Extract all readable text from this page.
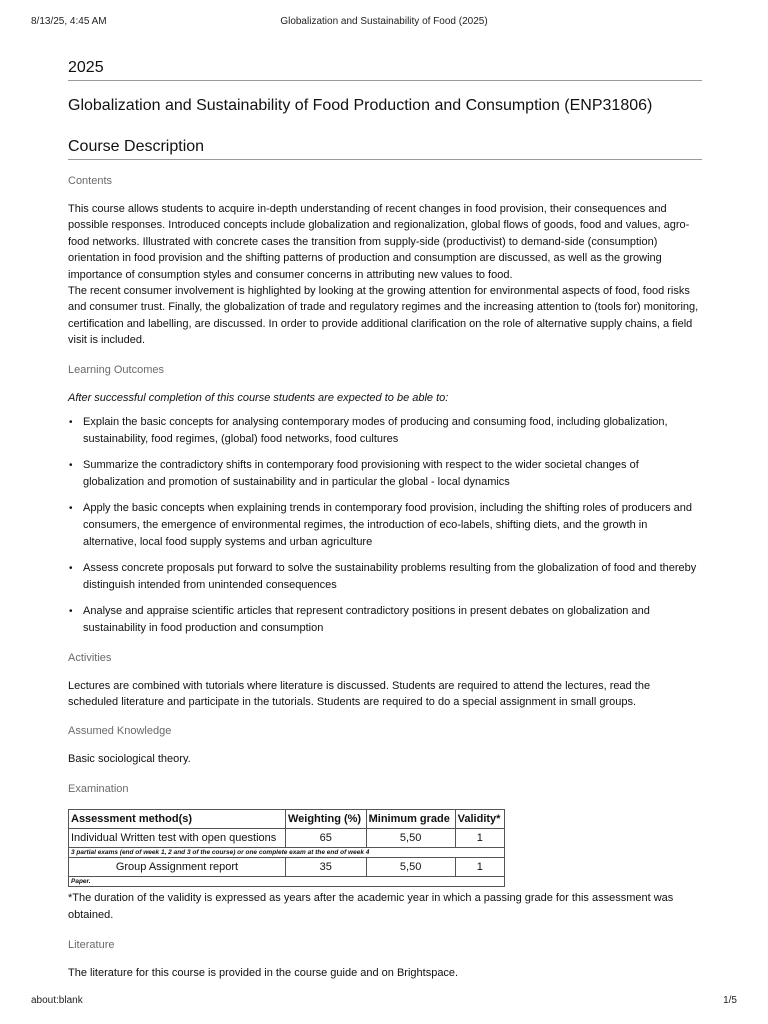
8/13/25, 4:45 AM	Globalization and Sustainability of Food (2025)
2025
Globalization and Sustainability of Food Production and Consumption (ENP31806)
Course Description
Contents

This course allows students to acquire in-depth understanding of recent changes in food provision, their consequences and possible responses. Introduced concepts include globalization and regionalization, global flows of goods, food and values, agro-food networks. Illustrated with concrete cases the transition from supply-side (productivist) to demand-side (consumption) orientation in food provision and the shifting patterns of production and consumption are discussed, as well as the growing importance of consumption styles and consumer concerns in attributing new values to food.

The recent consumer involvement is highlighted by looking at the growing attention for environmental aspects of food, food risks and consumer trust. Finally, the globalization of trade and regulatory regimes and the increasing attention to (tools for) monitoring, certification and labelling, are discussed. In order to provide additional clarification on the role of alternative supply chains, a field visit is included.

Learning Outcomes
After successful completion of this course students are expected to be able to:
• Explain the basic concepts for analysing contemporary modes of producing and consuming food, including globalization, sustainability, food regimes, (global) food networks, food cultures
• Summarize the contradictory shifts in contemporary food provisioning with respect to the wider societal changes of globalization and promotion of sustainability and in particular the global - local dynamics
• Apply the basic concepts when explaining trends in contemporary food provision, including the shifting roles of producers and consumers, the emergence of environmental regimes, the introduction of eco-labels, shifting diets, and the growth in alternative, local food supply systems and urban agriculture
• Assess concrete proposals put forward to solve the sustainability problems resulting from the globalization of food and thereby distinguish intended from unintended consequences
• Analyse and appraise scientific articles that represent contradictory positions in present debates on globalization and sustainability in food production and consumption
Activities
Lectures are combined with tutorials where literature is discussed. Students are required to attend the lectures, read the scheduled literature and participate in the tutorials. Students are required to do a special assignment in small groups.
Assumed Knowledge
Basic sociological theory.
Examination
Assessment method(s)	Weighting (%)	Minimum grade	Validity*
Individual Written test with open questions	65	5,50	1
3 partial exams (end of week 1, 2 and 3 of the course) or one complete exam at the end of week 4			
Group Assignment report	35	5,50	1
Paper.			
*The duration of the validity is expressed as years after the academic year in which a passing grade for this assessment was obtained.
Literature
The literature for this course is provided in the course guide and on Brightspace.
about:blank	1/5
